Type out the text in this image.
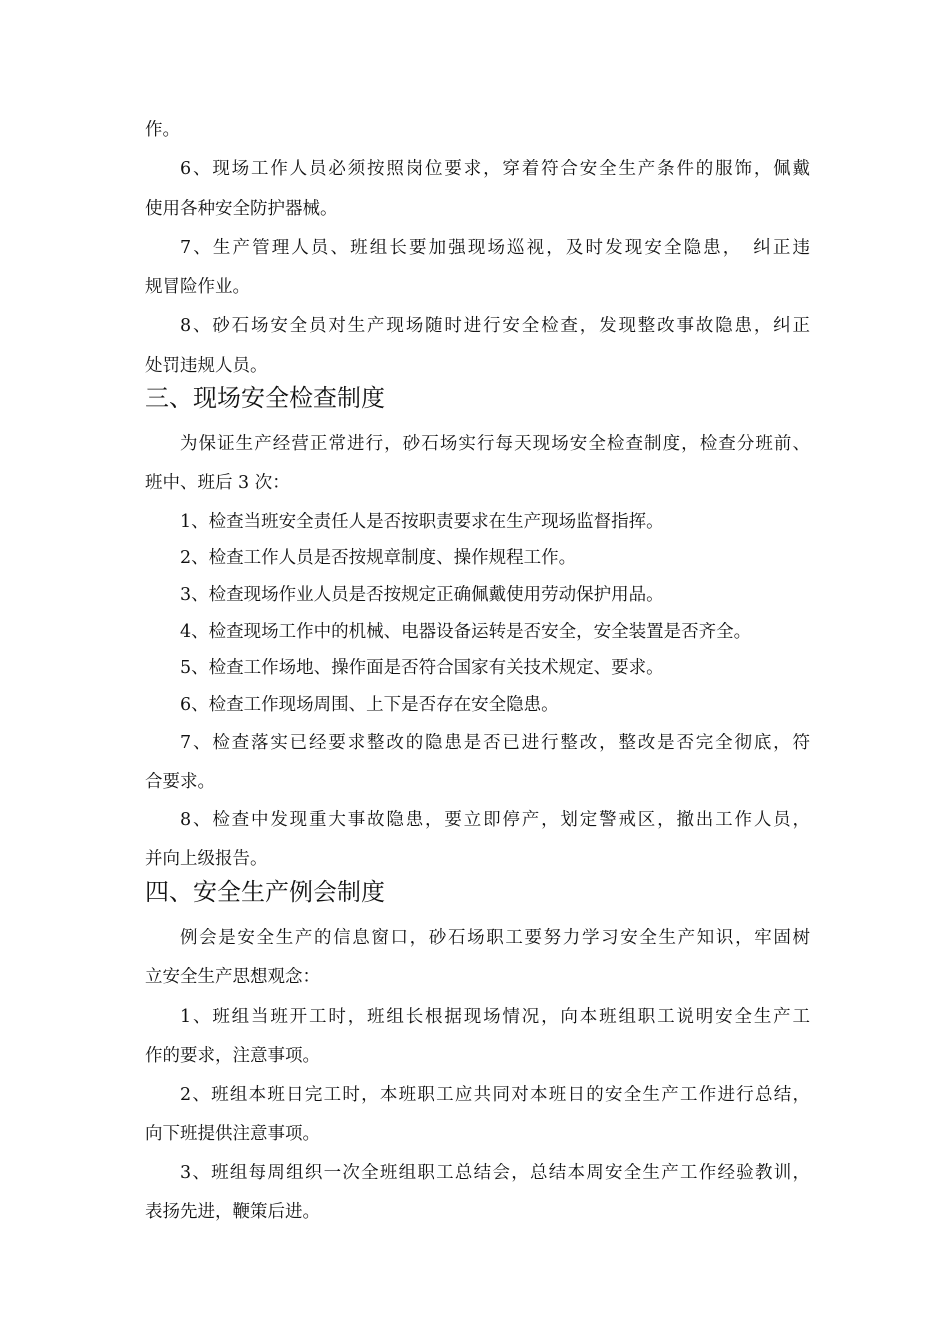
作。
6、现场工作人员必须按照岗位要求，穿着符合安全生产条件的服饰，佩戴
使用各种安全防护器械。
7、生产管理人员、班组长要加强现场巡视，及时发现安全隐患，　纠正违
规冒险作业。
8、砂石场安全员对生产现场随时进行安全检查，发现整改事故隐患，纠正
处罚违规人员。
三、现场安全检查制度
为保证生产经营正常进行，砂石场实行每天现场安全检查制度，检查分班前、
班中、班后 3 次：
1、检查当班安全责任人是否按职责要求在生产现场监督指挥。
2、检查工作人员是否按规章制度、操作规程工作。
3、检查现场作业人员是否按规定正确佩戴使用劳动保护用品。
4、检查现场工作中的机械、电器设备运转是否安全，安全装置是否齐全。
5、检查工作场地、操作面是否符合国家有关技术规定、要求。
6、检查工作现场周围、上下是否存在安全隐患。
7、检查落实已经要求整改的隐患是否已进行整改，整改是否完全彻底，符
合要求。
8、检查中发现重大事故隐患，要立即停产，划定警戒区，撤出工作人员，
并向上级报告。
四、安全生产例会制度
例会是安全生产的信息窗口，砂石场职工要努力学习安全生产知识，牢固树
立安全生产思想观念：
1、班组当班开工时，班组长根据现场情况，向本班组职工说明安全生产工
作的要求，注意事项。
2、班组本班日完工时，本班职工应共同对本班日的安全生产工作进行总结，
向下班提供注意事项。
3、班组每周组织一次全班组职工总结会，总结本周安全生产工作经验教训，
表扬先进，鞭策后进。
